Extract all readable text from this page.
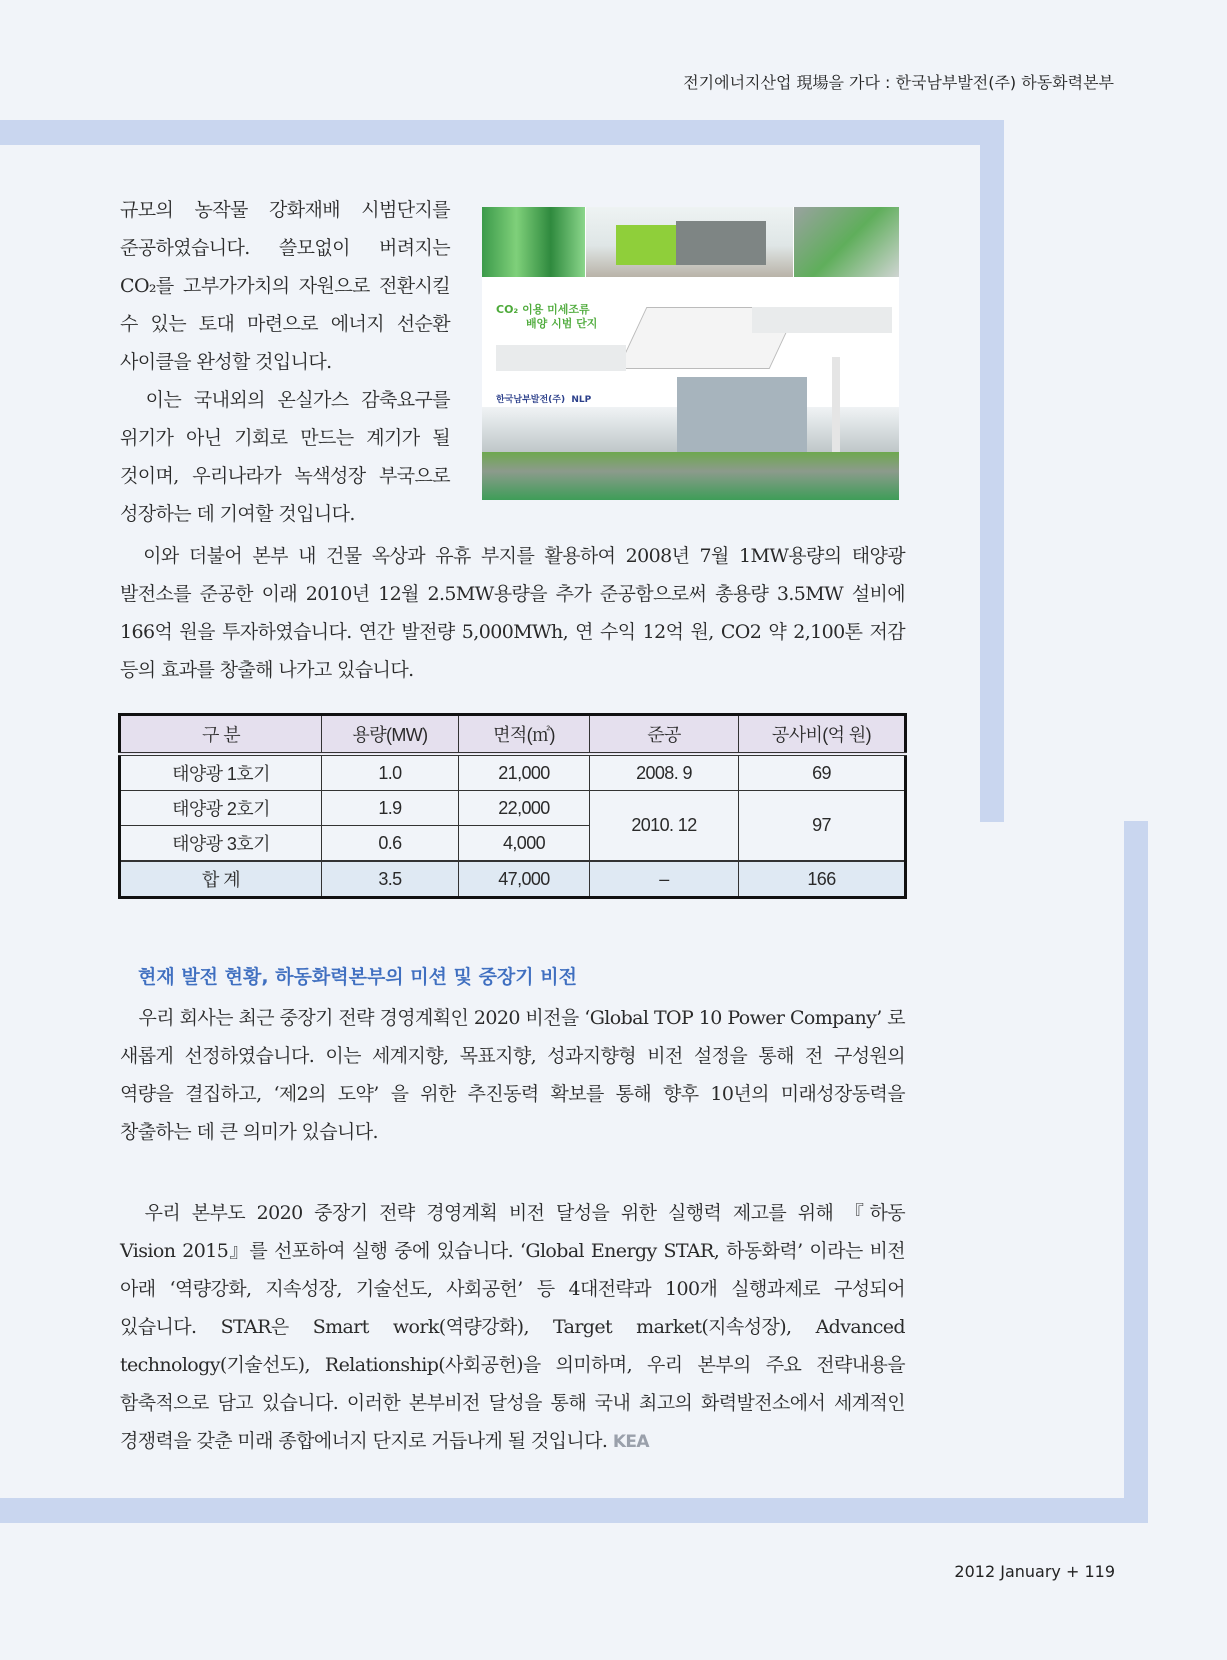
전기에너지산업 現場을 가다 : 한국남부발전(주) 하동화력본부
CO₂ 이용 미세조류
배양 시범 단지
한국남부발전(주) NLP
규모의 농작물 강화재배 시범단지를
준공하였습니다. 쓸모없이 버려지는
CO₂를 고부가가치의 자원으로 전환시킬
수 있는 토대 마련으로 에너지 선순환
사이클을 완성할 것입니다.
　이는 국내외의 온실가스 감축요구를
위기가 아닌 기회로 만드는 계기가 될
것이며, 우리나라가 녹색성장 부국으로
성장하는 데 기여할 것입니다.
　이와 더불어 본부 내 건물 옥상과 유휴 부지를 활용하여 2008년 7월 1MW용량의 태양광
발전소를 준공한 이래 2010년 12월 2.5MW용량을 추가 준공함으로써 총용량 3.5MW 설비에
166억 원을 투자하였습니다. 연간 발전량 5,000MWh, 연 수익 12억 원, CO2 약 2,100톤 저감
등의 효과를 창출해 나가고 있습니다.
구 분	용량(MW)	면적(㎡)	준공	공사비(억 원)
태양광 1호기	1.0	21,000	2008. 9	69
태양광 2호기	1.9	22,000	2010. 12	97
태양광 3호기	0.6	4,000		
합 계	3.5	47,000	–	166
현재 발전 현황, 하동화력본부의 미션 및 중장기 비전
　우리 회사는 최근 중장기 전략 경영계획인 2020 비전을 ‘Global TOP 10 Power Company’ 로
새롭게 선정하였습니다. 이는 세계지향, 목표지향, 성과지향형 비전 설정을 통해 전 구성원의
역량을 결집하고, ‘제2의 도약’ 을 위한 추진동력 확보를 통해 향후 10년의 미래성장동력을
창출하는 데 큰 의미가 있습니다.
　우리 본부도 2020 중장기 전략 경영계획 비전 달성을 위한 실행력 제고를 위해 『하동
Vision 2015』를 선포하여 실행 중에 있습니다. ‘Global Energy STAR, 하동화력’ 이라는 비전
아래 ‘역량강화, 지속성장, 기술선도, 사회공헌’ 등 4대전략과 100개 실행과제로 구성되어
있습니다. STAR은 Smart work(역량강화), Target market(지속성장), Advanced
technology(기술선도), Relationship(사회공헌)을 의미하며, 우리 본부의 주요 전략내용을
함축적으로 담고 있습니다. 이러한 본부비전 달성을 통해 국내 최고의 화력발전소에서 세계적인
경쟁력을 갖춘 미래 종합에너지 단지로 거듭나게 될 것입니다. KEA
2012 January + 119
